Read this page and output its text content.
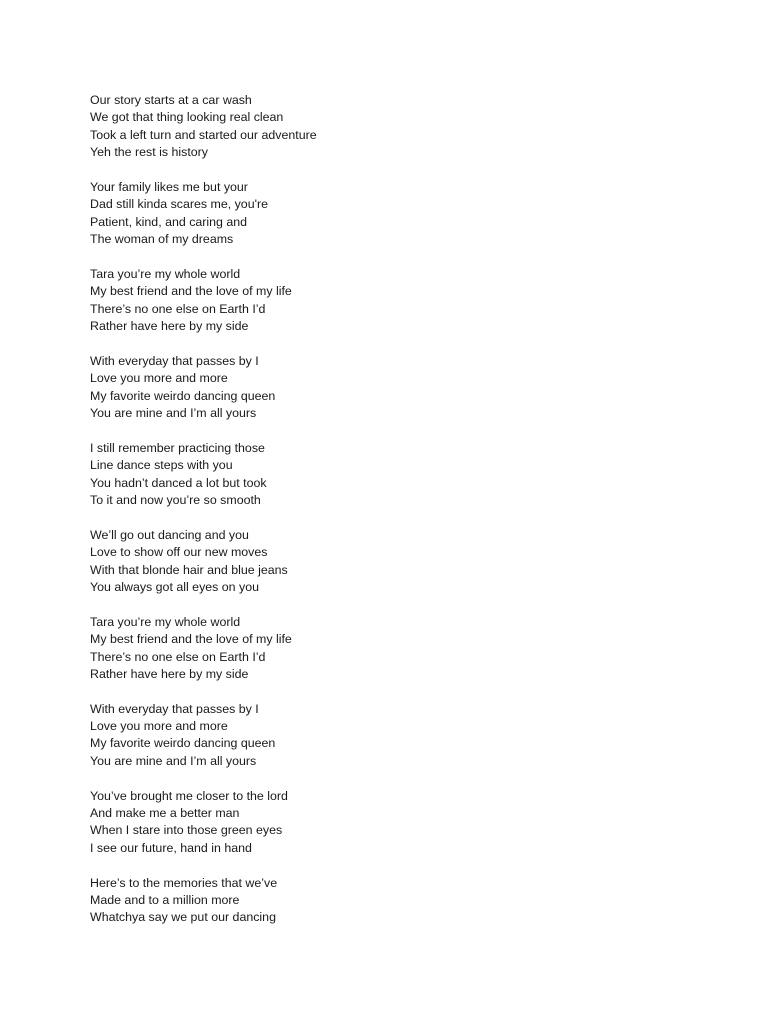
Our story starts at a car wash
We got that thing looking real clean
Took a left turn and started our adventure
Yeh the rest is history
Your family likes me but your
Dad still kinda scares me, you're
Patient, kind, and caring and
The woman of my dreams
Tara you’re my whole world
My best friend and the love of my life
There’s no one else on Earth I’d
Rather have here by my side
With everyday that passes by I
Love you more and more
My favorite weirdo dancing queen
You are mine and I’m all yours
I still remember practicing those
Line dance steps with you
You hadn’t danced a lot but took
To it and now you’re so smooth
We’ll go out dancing and you
Love to show off our new moves
With that blonde hair and blue jeans
You always got all eyes on you
Tara you’re my whole world
My best friend and the love of my life
There’s no one else on Earth I’d
Rather have here by my side
With everyday that passes by I
Love you more and more
My favorite weirdo dancing queen
You are mine and I’m all yours
You’ve brought me closer to the lord
And make me a better man
When I stare into those green eyes
I see our future, hand in hand
Here’s to the memories that we’ve
Made and to a million more
Whatchya say we put our dancing
